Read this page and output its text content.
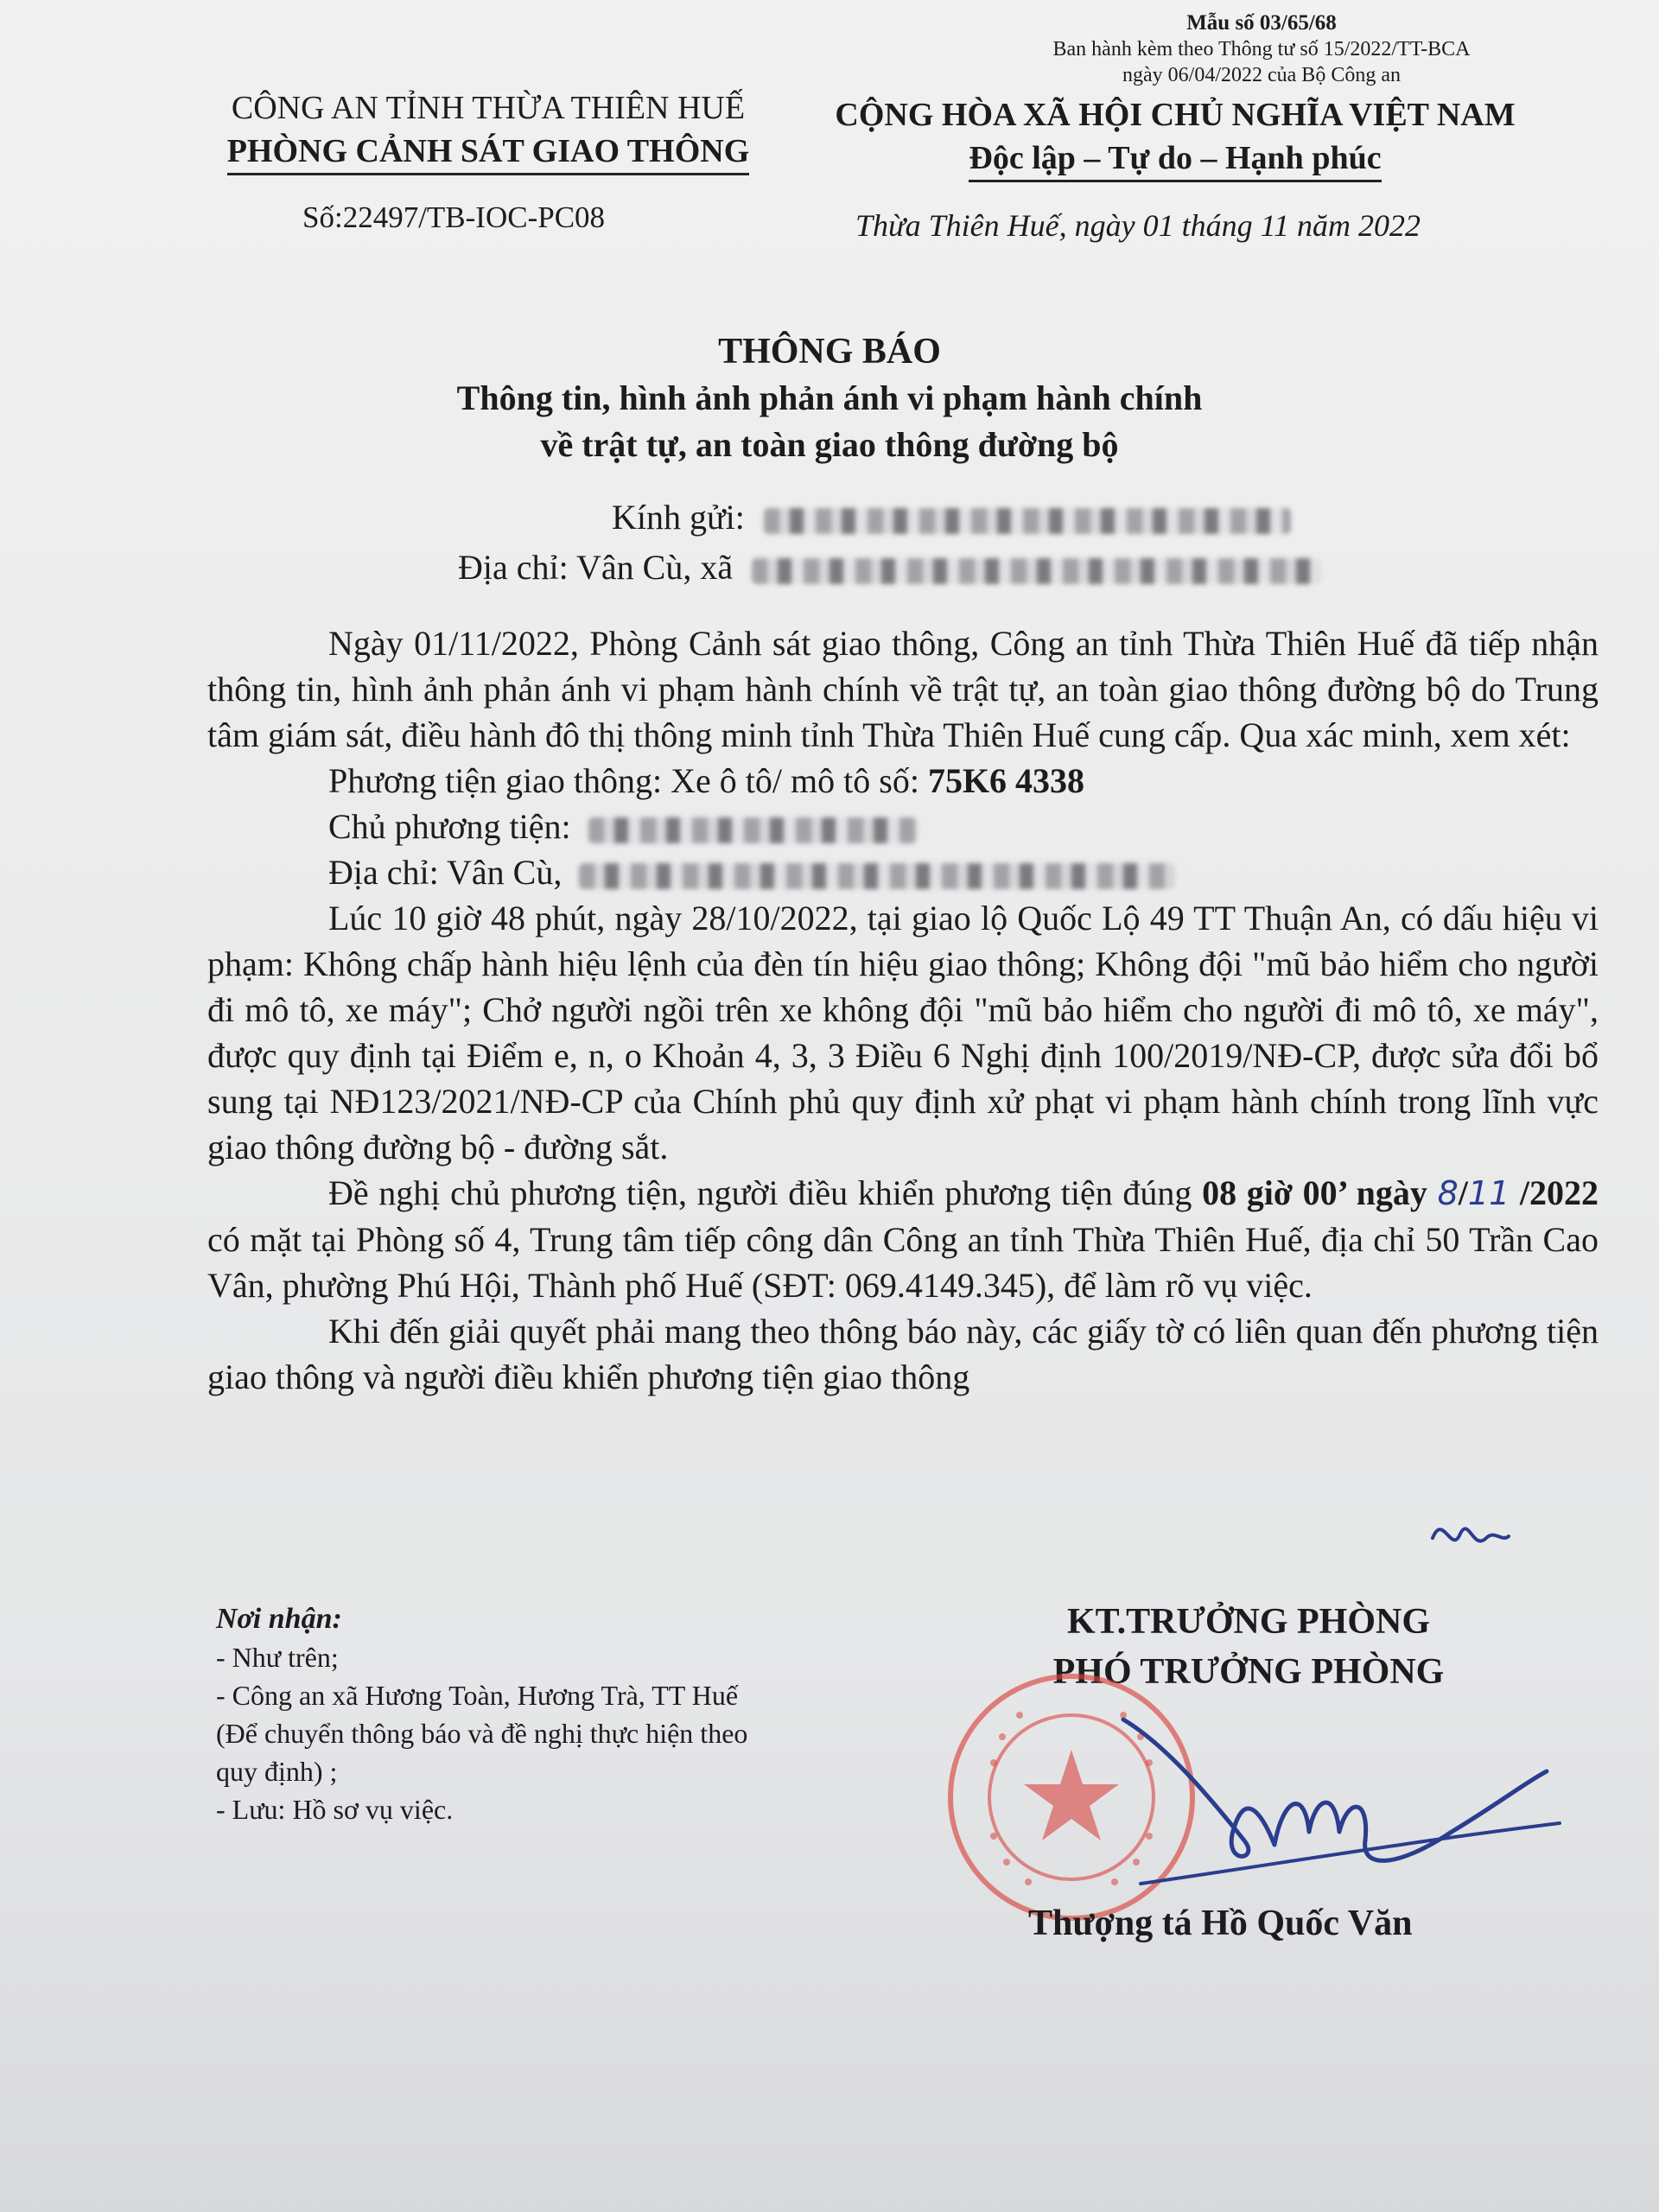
Mẫu số 03/65/68
Ban hành kèm theo Thông tư số 15/2022/TT-BCA
ngày 06/04/2022 của Bộ Công an
CÔNG AN TỈNH THỪA THIÊN HUẾ
PHÒNG CẢNH SÁT GIAO THÔNG
CỘNG HÒA XÃ HỘI CHỦ NGHĨA VIỆT NAM
Độc lập – Tự do – Hạnh phúc
Số:22497/TB-IOC-PC08	Thừa Thiên Huế, ngày 01 tháng 11 năm 2022
THÔNG BÁO
Thông tin, hình ảnh phản ánh vi phạm hành chính
về trật tự, an toàn giao thông đường bộ
Kính gửi:
Địa chỉ: Vân Cù, xã

Ngày 01/11/2022, Phòng Cảnh sát giao thông, Công an tỉnh Thừa Thiên Huế đã tiếp nhận thông tin, hình ảnh phản ánh vi phạm hành chính về trật tự, an toàn giao thông đường bộ do Trung tâm giám sát, điều hành đô thị thông minh tỉnh Thừa Thiên Huế cung cấp. Qua xác minh, xem xét:

Phương tiện giao thông: Xe ô tô/ mô tô số: 75K6 4338

Chủ phương tiện:

Địa chỉ: Vân Cù,

Lúc 10 giờ 48 phút, ngày 28/10/2022, tại giao lộ Quốc Lộ 49 TT Thuận An, có dấu hiệu vi phạm: Không chấp hành hiệu lệnh của đèn tín hiệu giao thông; Không đội "mũ bảo hiểm cho người đi mô tô, xe máy"; Chở người ngồi trên xe không đội "mũ bảo hiểm cho người đi mô tô, xe máy", được quy định tại Điểm e, n, o Khoản 4, 3, 3 Điều 6 Nghị định 100/2019/NĐ-CP, được sửa đổi bổ sung tại NĐ123/2021/NĐ-CP của Chính phủ quy định xử phạt vi phạm hành chính trong lĩnh vực giao thông đường bộ - đường sắt.

Đề nghị chủ phương tiện, người điều khiển phương tiện đúng 08 giờ 00’ ngày 8/11 /2022 có mặt tại Phòng số 4, Trung tâm tiếp công dân Công an tỉnh Thừa Thiên Huế, địa chỉ 50 Trần Cao Vân, phường Phú Hội, Thành phố Huế (SĐT: 069.4149.345), để làm rõ vụ việc.

Khi đến giải quyết phải mang theo thông báo này, các giấy tờ có liên quan đến phương tiện giao thông và người điều khiển phương tiện giao thông

Nơi nhận:
- Như trên;
- Công an xã Hương Toàn, Hương Trà, TT Huế
(Để chuyển thông báo và đề nghị thực hiện theo
quy định) ;
- Lưu: Hồ sơ vụ việc.
KT.TRƯỞNG PHÒNG
PHÓ TRƯỞNG PHÒNG
Thượng tá Hồ Quốc Văn
